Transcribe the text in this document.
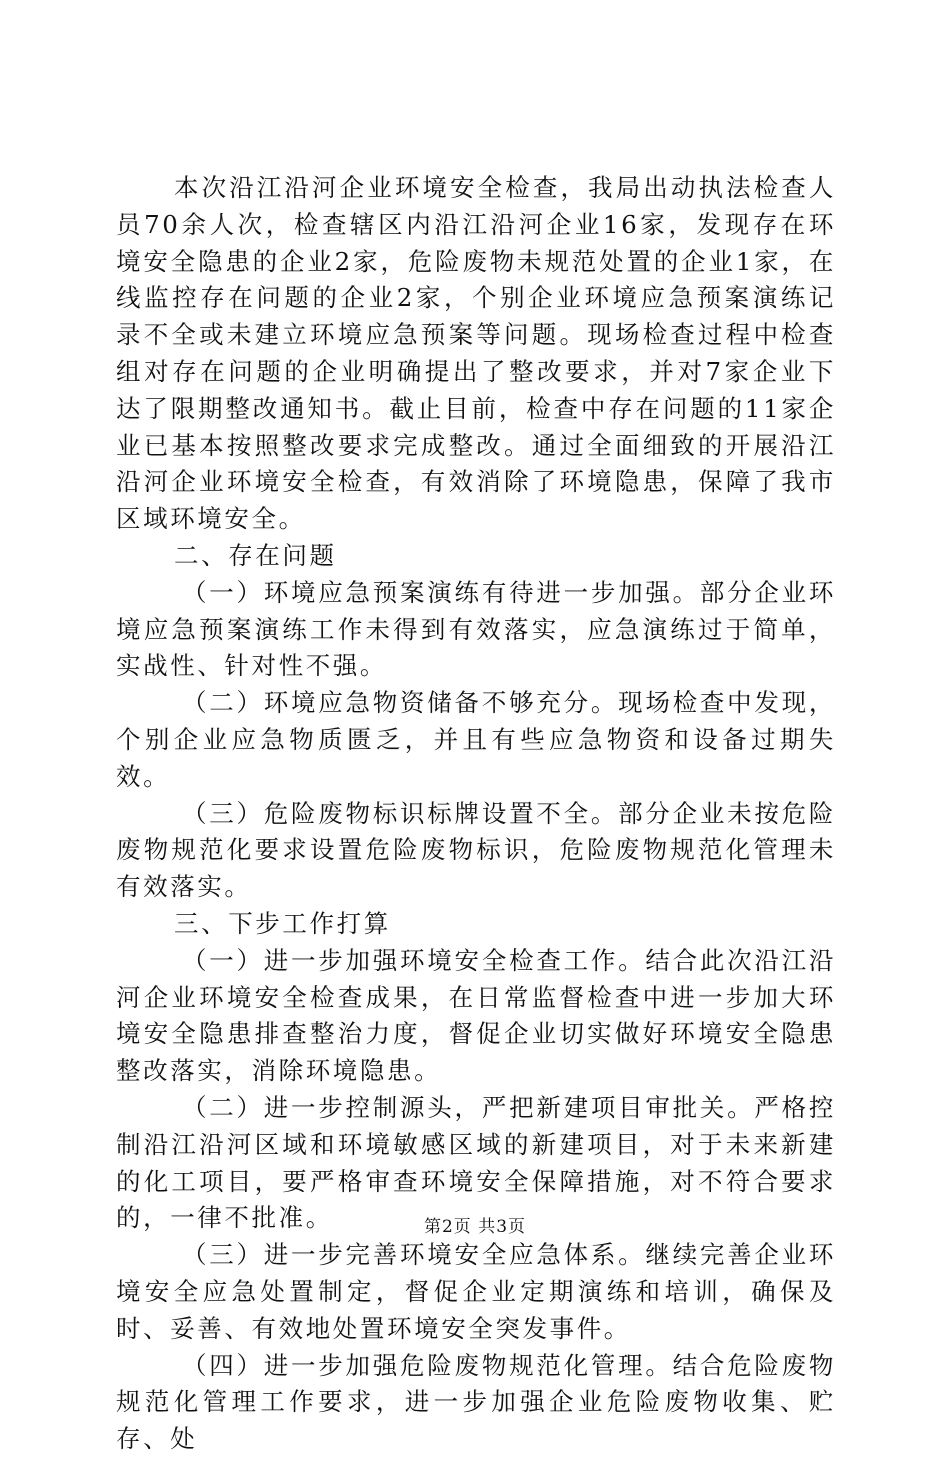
本次沿江沿河企业环境安全检查，我局出动执法检查人员70余人次，检查辖区内沿江沿河企业16家，发现存在环境安全隐患的企业2家，危险废物未规范处置的企业1家，在线监控存在问题的企业2家，个别企业环境应急预案演练记录不全或未建立环境应急预案等问题。现场检查过程中检查组对存在问题的企业明确提出了整改要求，并对7家企业下达了限期整改通知书。截止目前，检查中存在问题的11家企业已基本按照整改要求完成整改。通过全面细致的开展沿江沿河企业环境安全检查，有效消除了环境隐患，保障了我市区域环境安全。

二、存在问题

（一）环境应急预案演练有待进一步加强。部分企业环境应急预案演练工作未得到有效落实，应急演练过于简单，实战性、针对性不强。

（二）环境应急物资储备不够充分。现场检查中发现，个别企业应急物质匮乏，并且有些应急物资和设备过期失效。

（三）危险废物标识标牌设置不全。部分企业未按危险废物规范化要求设置危险废物标识，危险废物规范化管理未有效落实。

三、下步工作打算

（一）进一步加强环境安全检查工作。结合此次沿江沿河企业环境安全检查成果，在日常监督检查中进一步加大环境安全隐患排查整治力度，督促企业切实做好环境安全隐患整改落实，消除环境隐患。

（二）进一步控制源头，严把新建项目审批关。严格控制沿江沿河区域和环境敏感区域的新建项目，对于未来新建的化工项目，要严格审查环境安全保障措施，对不符合要求的，一律不批准。

（三）进一步完善环境安全应急体系。继续完善企业环境安全应急处置制定，督促企业定期演练和培训，确保及时、妥善、有效地处置环境安全突发事件。

（四）进一步加强危险废物规范化管理。结合危险废物规范化管理工作要求，进一步加强企业危险废物收集、贮存、处

第2页 共3页
